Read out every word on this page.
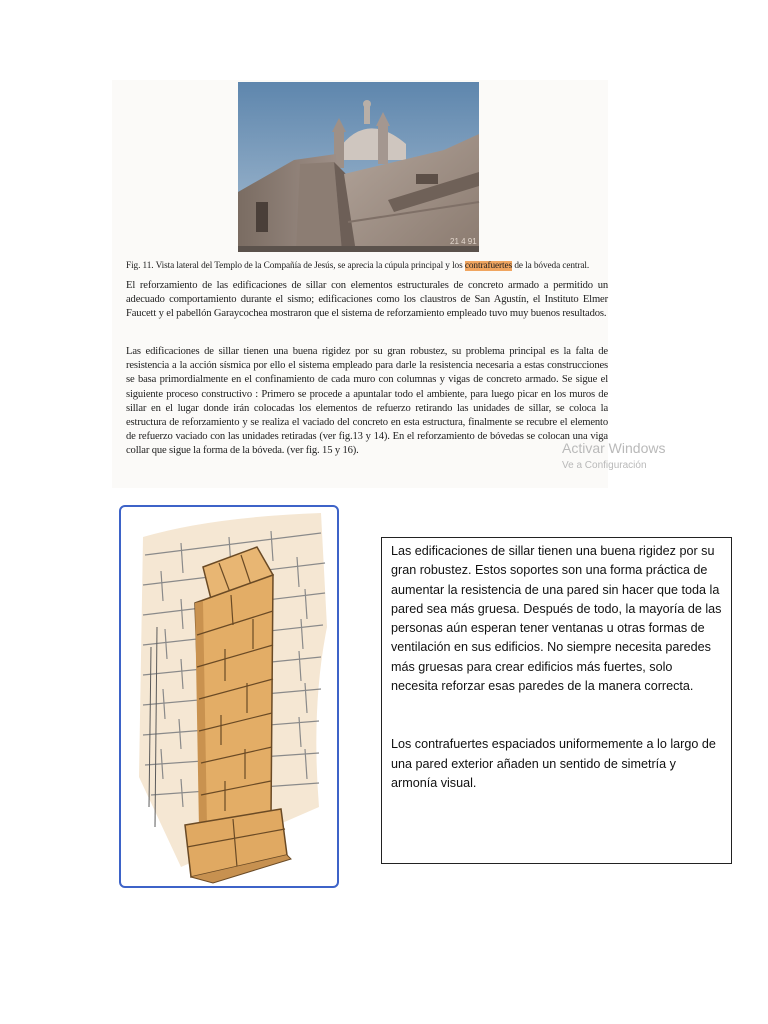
21 4 91
Fig. 11. Vista lateral del Templo de la Compañía de Jesús, se aprecia la cúpula principal y los contrafuertes de la bóveda central.
El reforzamiento de las edificaciones de sillar con elementos estructurales de concreto armado a permitido un adecuado comportamiento durante el sismo; edificaciones como los claustros de San Agustín, el Instituto Elmer Faucett y el pabellón Garaycochea mostraron que el sistema de reforzamiento empleado tuvo muy buenos resultados.
Las edificaciones de sillar tienen una buena rigidez por su gran robustez, su problema principal es la falta de resistencia a la acción sísmica por ello el sistema empleado para darle la resistencia necesaria a estas construcciones se basa primordialmente en el confinamiento de cada muro con columnas y vigas de concreto armado. Se sigue el siguiente proceso constructivo : Primero se procede a apuntalar todo el ambiente, para luego picar en los muros de sillar en el lugar donde irán colocadas los elementos de refuerzo retirando las unidades de sillar, se coloca la estructura de reforzamiento y se realiza el vaciado del concreto en esta estructura, finalmente se recubre el elemento de refuerzo vaciado con las unidades retiradas (ver fig.13 y 14). En el reforzamiento de bóvedas se colocan una viga collar que sigue la forma de la bóveda. (ver fig. 15 y 16).	Activar Windows
Ve a Configuración

Las edificaciones de sillar tienen una buena rigidez por su gran robustez. Estos soportes son una forma práctica de aumentar la resistencia de una pared sin hacer que toda la pared sea más gruesa. Después de todo, la mayoría de las personas aún esperan tener ventanas u otras formas de ventilación en sus edificios. No siempre necesita paredes más gruesas para crear edificios más fuertes, solo necesita reforzar esas paredes de la manera correcta.

Los contrafuertes espaciados uniformemente a lo largo de una pared exterior añaden un sentido de simetría y armonía visual.
